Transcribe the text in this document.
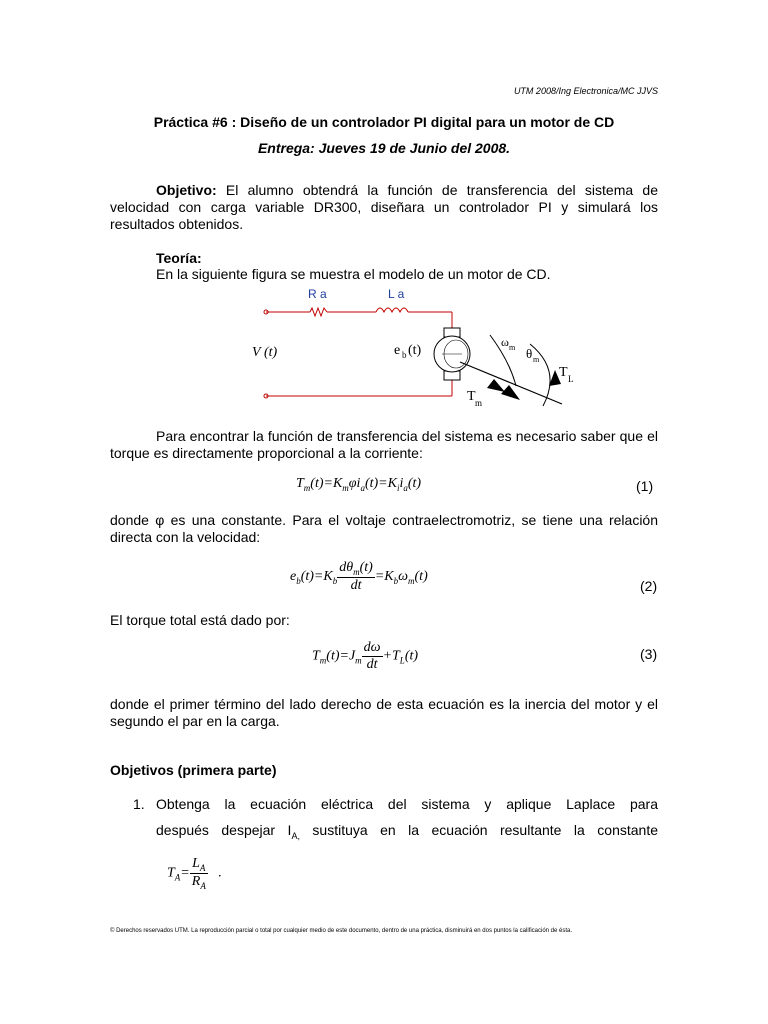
UTM 2008/Ing Electronica/MC JJVS
Práctica #6 : Diseño de un controlador PI digital para un motor de CD
Entrega: Jueves 19 de Junio del 2008.
Objetivo: El alumno obtendrá la función de transferencia del sistema de velocidad con carga variable DR300, diseñara un controlador PI y simulará los resultados obtenidos.
Teoría:
En la siguiente figura se muestra el modelo de un motor de CD.
R a	L a
V (t)	e b (t)
ω m θ m
T L
T m
Para encontrar la función de transferencia del sistema es necesario saber que el torque es directamente proporcional a la corriente:
$T_m(t)=K_m\varphi i_a(t)=K_ii_a(t)$	(1)
donde φ es una constante. Para el voltaje contraelectromotriz, se tiene una relación directa con la velocidad:
$e_b(t)=K_b \frac{d\theta_m(t)}{dt} =K_b\omega_m(t)$
(2)
El torque total está dado por:
$T_m(t)=J_m \frac{d\omega}{dt} +T_L(t)$	(3)
donde el primer término del lado derecho de esta ecuación es la inercia del motor y el segundo el par en la carga.
Objetivos (primera parte)
1. Obtenga la ecuación eléctrica del sistema y aplique Laplace para
después despejar $I_{A,}$ sustituya en la ecuación resultante la constante
$T_A= \frac{L_A}{R_A}$ .
© Derechos reservados UTM. La reproducción parcial o total por cualquier medio de este documento, dentro de una práctica, disminuirá en dos puntos la calificación de ésta.
